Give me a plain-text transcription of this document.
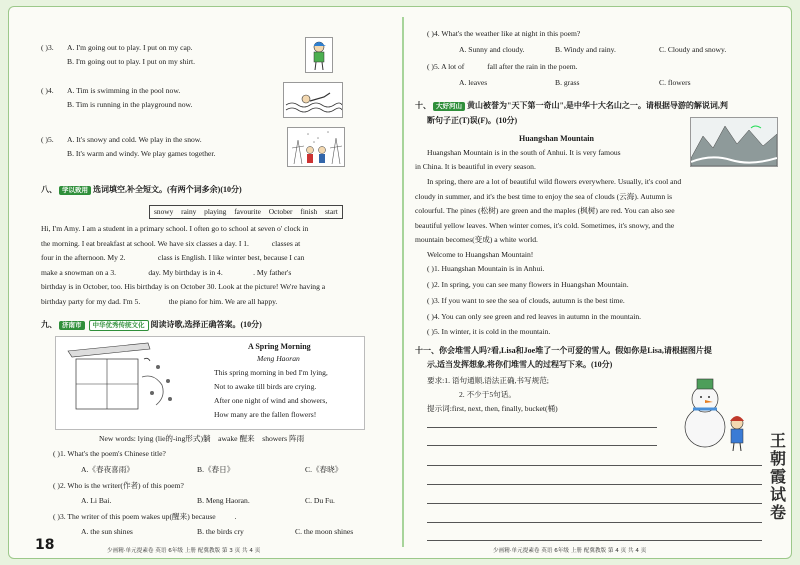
( )3. A. I'm going out to play. I put on my cap.
B. I'm going out to play. I put on my shirt.
( )4. A. Tim is swimming in the pool now.
B. Tim is running in the playground now.
( )5. A. It's snowy and cold. We play in the snow.
B. It's warm and windy. We play games together.
八、 学以致用 选词填空,补全短文。(有两个词多余)(10分)
snowy rainy playing favourite October finish start
Hi, I'm Amy. I am a student in a primary school. I often go to school at seven o' clock in
the morning. I eat breakfast at school. We have six classes a day. I 1.            classes at
four in the afternoon. My 2.                 class is English. I like winter best, because I can
make a snowman on a 3.                 day. My birthday is in 4.                . My father's
birthday is in October, too. His birthday is on October 30. Look at the picture! We're having a
birthday party for my dad. I'm 5.               the piano for him. We are all happy.
九、 济南市 中华优秀传统文化 阅读诗歌,选择正确答案。(10分)
A Spring Morning
Meng Haoran
This spring morning in bed I'm lying,
Not to awake till birds are crying.
After one night of wind and showers,
How many are the fallen flowers!
New words: lying (lie的-ing形式)躺    awake 醒来    showers 阵雨
( )1. What's the poem's Chinese title?
A.《春夜喜雨》	B.《春日》	C.《春晓》
( )2. Who is the writer(作者) of this poem?
A. Li Bai.	B. Meng Haoran.	C. Du Fu.
( )3. The writer of this poem wakes up(醒来) because          .
A. the sun shines	B. the birds cry	C. the moon shines
18	少画精·单元提素卷 英语 6年级 上册 配冀教版 第 3 页 共 4 页
( )4. What's the weather like at night in this poem?
A. Sunny and cloudy.	B. Windy and rainy.	C. Cloudy and snowy.
( )5. A lot of            fall after the rain in the poem.
A. leaves	B. grass	C. flowers
十、 大好河山 黄山被誉为"天下第一奇山",是中华十大名山之一。请根据导游的解说词,判
断句子正(T)误(F)。(10分)
Huangshan Mountain
Huangshan Mountain is in the south of Anhui. It is very famous
in China. It is beautiful in every season.
In spring, there are a lot of beautiful wild flowers everywhere. Usually, it's cool and
cloudy in summer, and it's the best time to enjoy the sea of clouds (云海). Autumn is
colourful. The pines (松树) are green and the maples (枫树) are red. You can also see
beautiful yellow leaves. When winter comes, it's cold. Sometimes, it's snowy, and the
mountain becomes(变成) a white world.
Welcome to Huangshan Mountain!
( )1. Huangshan Mountain is in Anhui.
( )2. In spring, you can see many flowers in Huangshan Mountain.
( )3. If you want to see the sea of clouds, autumn is the best time.
( )4. You can only see green and red leaves in autumn in the mountain.
( )5. In winter, it is cold in the mountain.
十一、你会堆雪人吗?看,Lisa和Joe堆了一个可爱的雪人。假如你是Lisa,请根据图片提
示,适当发挥想象,将你们堆雪人的过程写下来。(10分)
要求:1. 语句通顺,语法正确,书写规范;
2. 不少于5句话。
提示词:first, next, then, finally, bucket(桶)
少画精·单元提素卷 英语 6年级 上册 配冀教版 第 4 页 共 4 页
王朝霞试卷
